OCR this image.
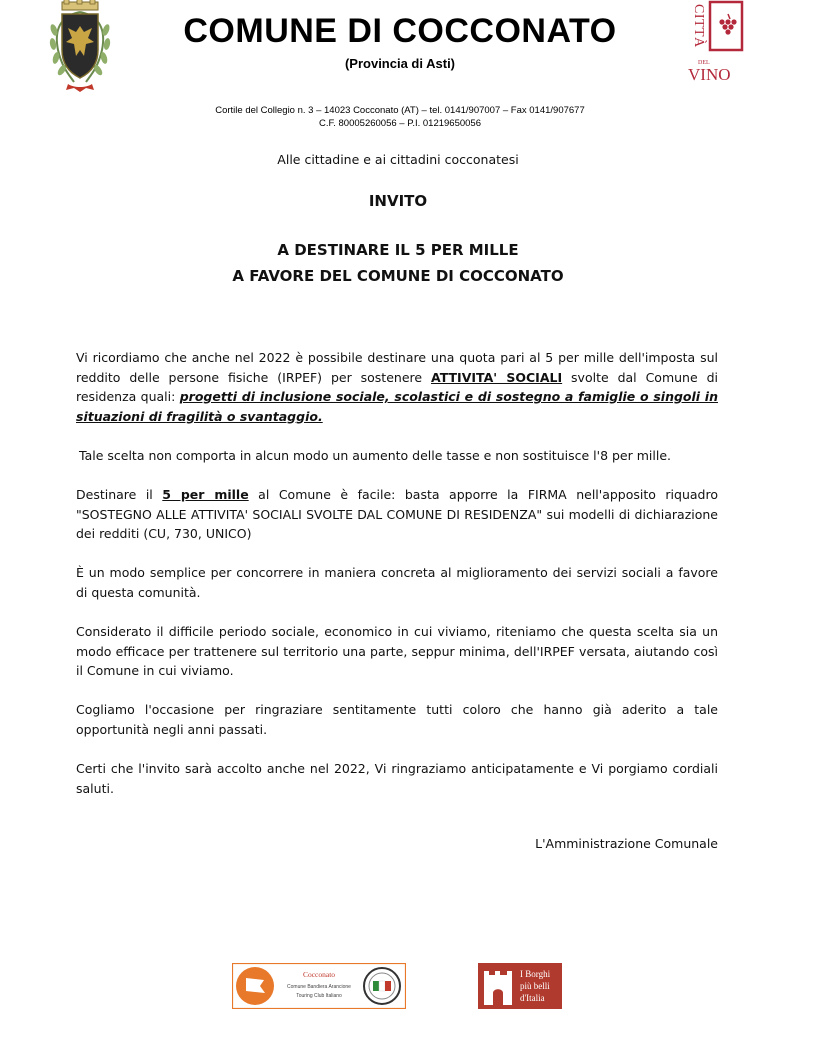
COMUNE DI COCCONATO
(Provincia di Asti)
Cortile del Collegio n. 3 – 14023 Cocconato (AT) – tel. 0141/907007 – Fax 0141/907677
C.F. 80005260056 – P.I. 01219650056
CITTÀ
DEL
VINO
Alle cittadine e ai cittadini cocconatesi
INVITO
A DESTINARE IL 5 PER MILLE
A FAVORE DEL COMUNE DI COCCONATO

Vi ricordiamo che anche nel 2022 è possibile destinare una quota pari al 5 per mille dell'imposta sul reddito delle persone fisiche (IRPEF) per sostenere ATTIVITA' SOCIALI svolte dal Comune di residenza quali: progetti di inclusione sociale, scolastici e di sostegno a famiglie o singoli in situazioni di fragilità o svantaggio.

Tale scelta non comporta in alcun modo un aumento delle tasse e non sostituisce l'8 per mille.

Destinare il 5 per mille al Comune è facile: basta apporre la FIRMA nell'apposito riquadro "SOSTEGNO ALLE ATTIVITA' SOCIALI SVOLTE DAL COMUNE DI RESIDENZA" sui modelli di dichiarazione dei redditi (CU, 730, UNICO)

È un modo semplice per concorrere in maniera concreta al miglioramento dei servizi sociali a favore di questa comunità.

Considerato il difficile periodo sociale, economico in cui viviamo, riteniamo che questa scelta sia un modo efficace per trattenere sul territorio una parte, seppur minima, dell'IRPEF versata, aiutando così il Comune in cui viviamo.

Cogliamo l'occasione per ringraziare sentitamente tutti coloro che hanno già aderito a tale opportunità negli anni passati.

Certi che l'invito sarà accolto anche nel 2022, Vi ringraziamo anticipatamente e Vi porgiamo cordiali saluti.

L'Amministrazione Comunale
Cocconato
Comune Bandiera Arancione
Touring Club Italiano
I Borghi
più belli
d'Italia
